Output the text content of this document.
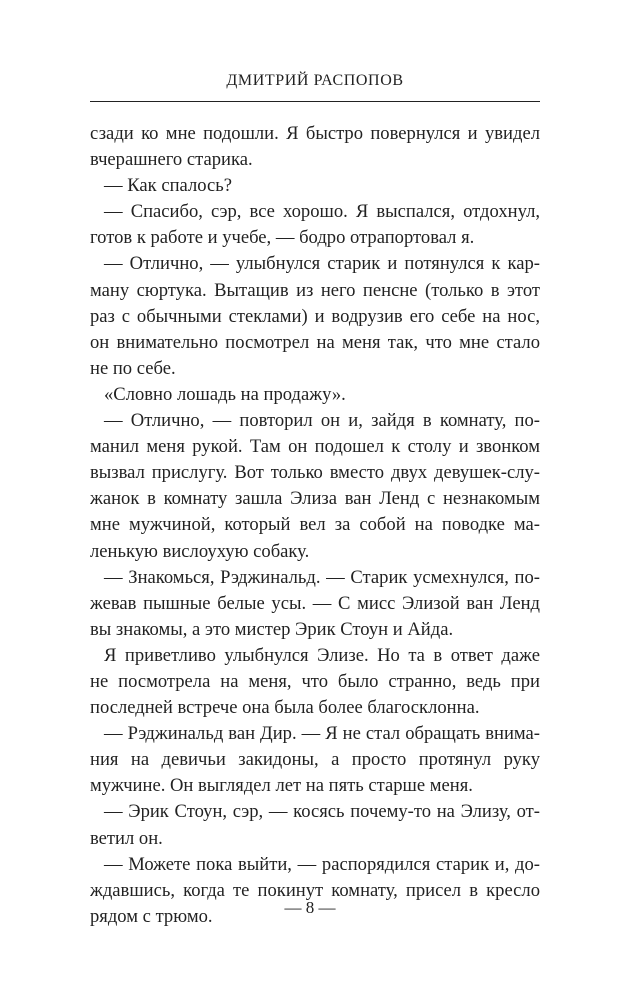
ДМИТРИЙ РАСПОПОВ
сзади ко мне подошли. Я быстро повернулся и увидел
вчерашнего старика.
— Как спалось?
— Спасибо, сэр, все хорошо. Я выспался, отдохнул,
готов к работе и учебе, — бодро отрапортовал я.
— Отлично, — улыбнулся старик и потянулся к кар-
ману сюртука. Вытащив из него пенсне (только в этот
раз с обычными стеклами) и водрузив его себе на нос,
он внимательно посмотрел на меня так, что мне стало
не по себе.
«Словно лошадь на продажу».
— Отлично, — повторил он и, зайдя в комнату, по-
манил меня рукой. Там он подошел к столу и звонком
вызвал прислугу. Вот только вместо двух девушек-слу-
жанок в комнату зашла Элиза ван Ленд с незнакомым
мне мужчиной, который вел за собой на поводке ма-
ленькую вислоухую собаку.
— Знакомься, Рэджинальд. — Старик усмехнулся, по-
жевав пышные белые усы. — С мисс Элизой ван Ленд
вы знакомы, а это мистер Эрик Стоун и Айда.
Я приветливо улыбнулся Элизе. Но та в ответ даже
не посмотрела на меня, что было странно, ведь при
последней встрече она была более благосклонна.
— Рэджинальд ван Дир. — Я не стал обращать внима-
ния на девичьи закидоны, а просто протянул руку
мужчине. Он выглядел лет на пять старше меня.
— Эрик Стоун, сэр, — косясь почему-то на Элизу, от-
ветил он.
— Можете пока выйти, — распорядился старик и, до-
ждавшись, когда те покинут комнату, присел в кресло
рядом с трюмо.	— 8 —
